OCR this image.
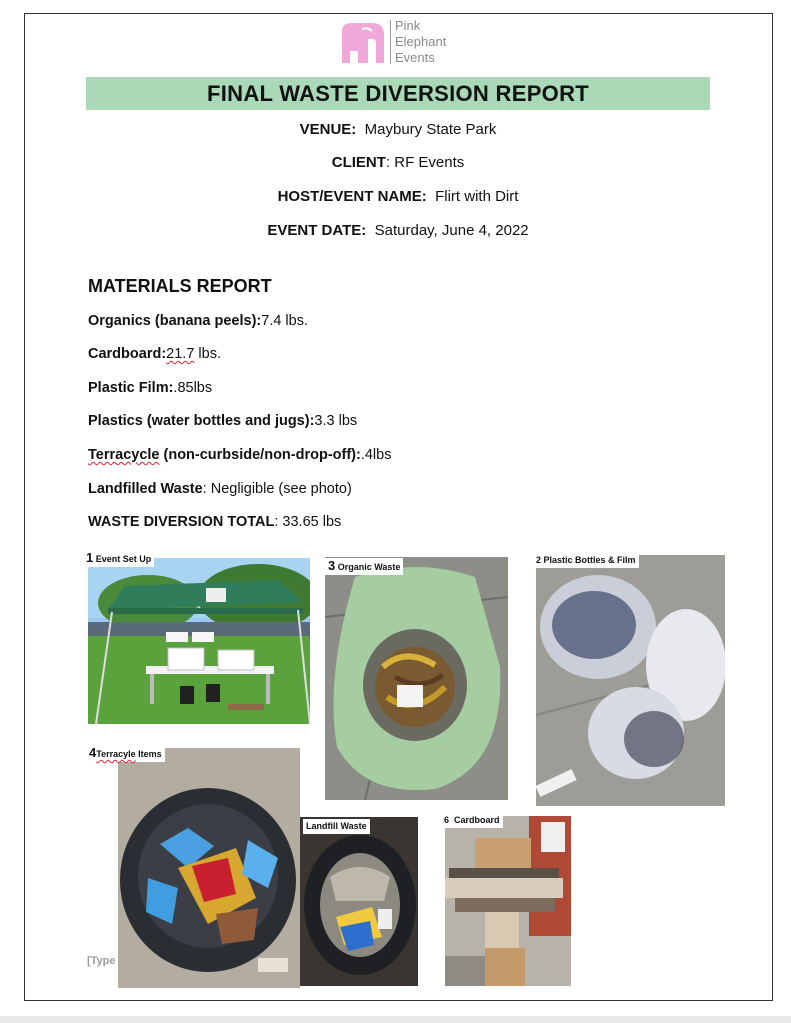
Pink
Elephant
Events
FINAL WASTE DIVERSION REPORT
VENUE: Maybury State Park
CLIENT: RF Events
HOST/EVENT NAME: Flirt with Dirt
EVENT DATE: Saturday, June 4, 2022
MATERIALS REPORT
Organics (banana peels):7.4 lbs.
Cardboard:21.7 lbs.
Plastic Film:.85lbs
Plastics (water bottles and jugs):3.3 lbs
Terracycle (non-curbside/non-drop-off):.4lbs
Landfilled Waste: Negligible (see photo)
WASTE DIVERSION TOTAL: 33.65 lbs
1 Event Set Up	3 Organic Waste
2 Plastic Bottles & Film
4Terracyle Items
Landfill Waste
6 Cardboard
[Type
